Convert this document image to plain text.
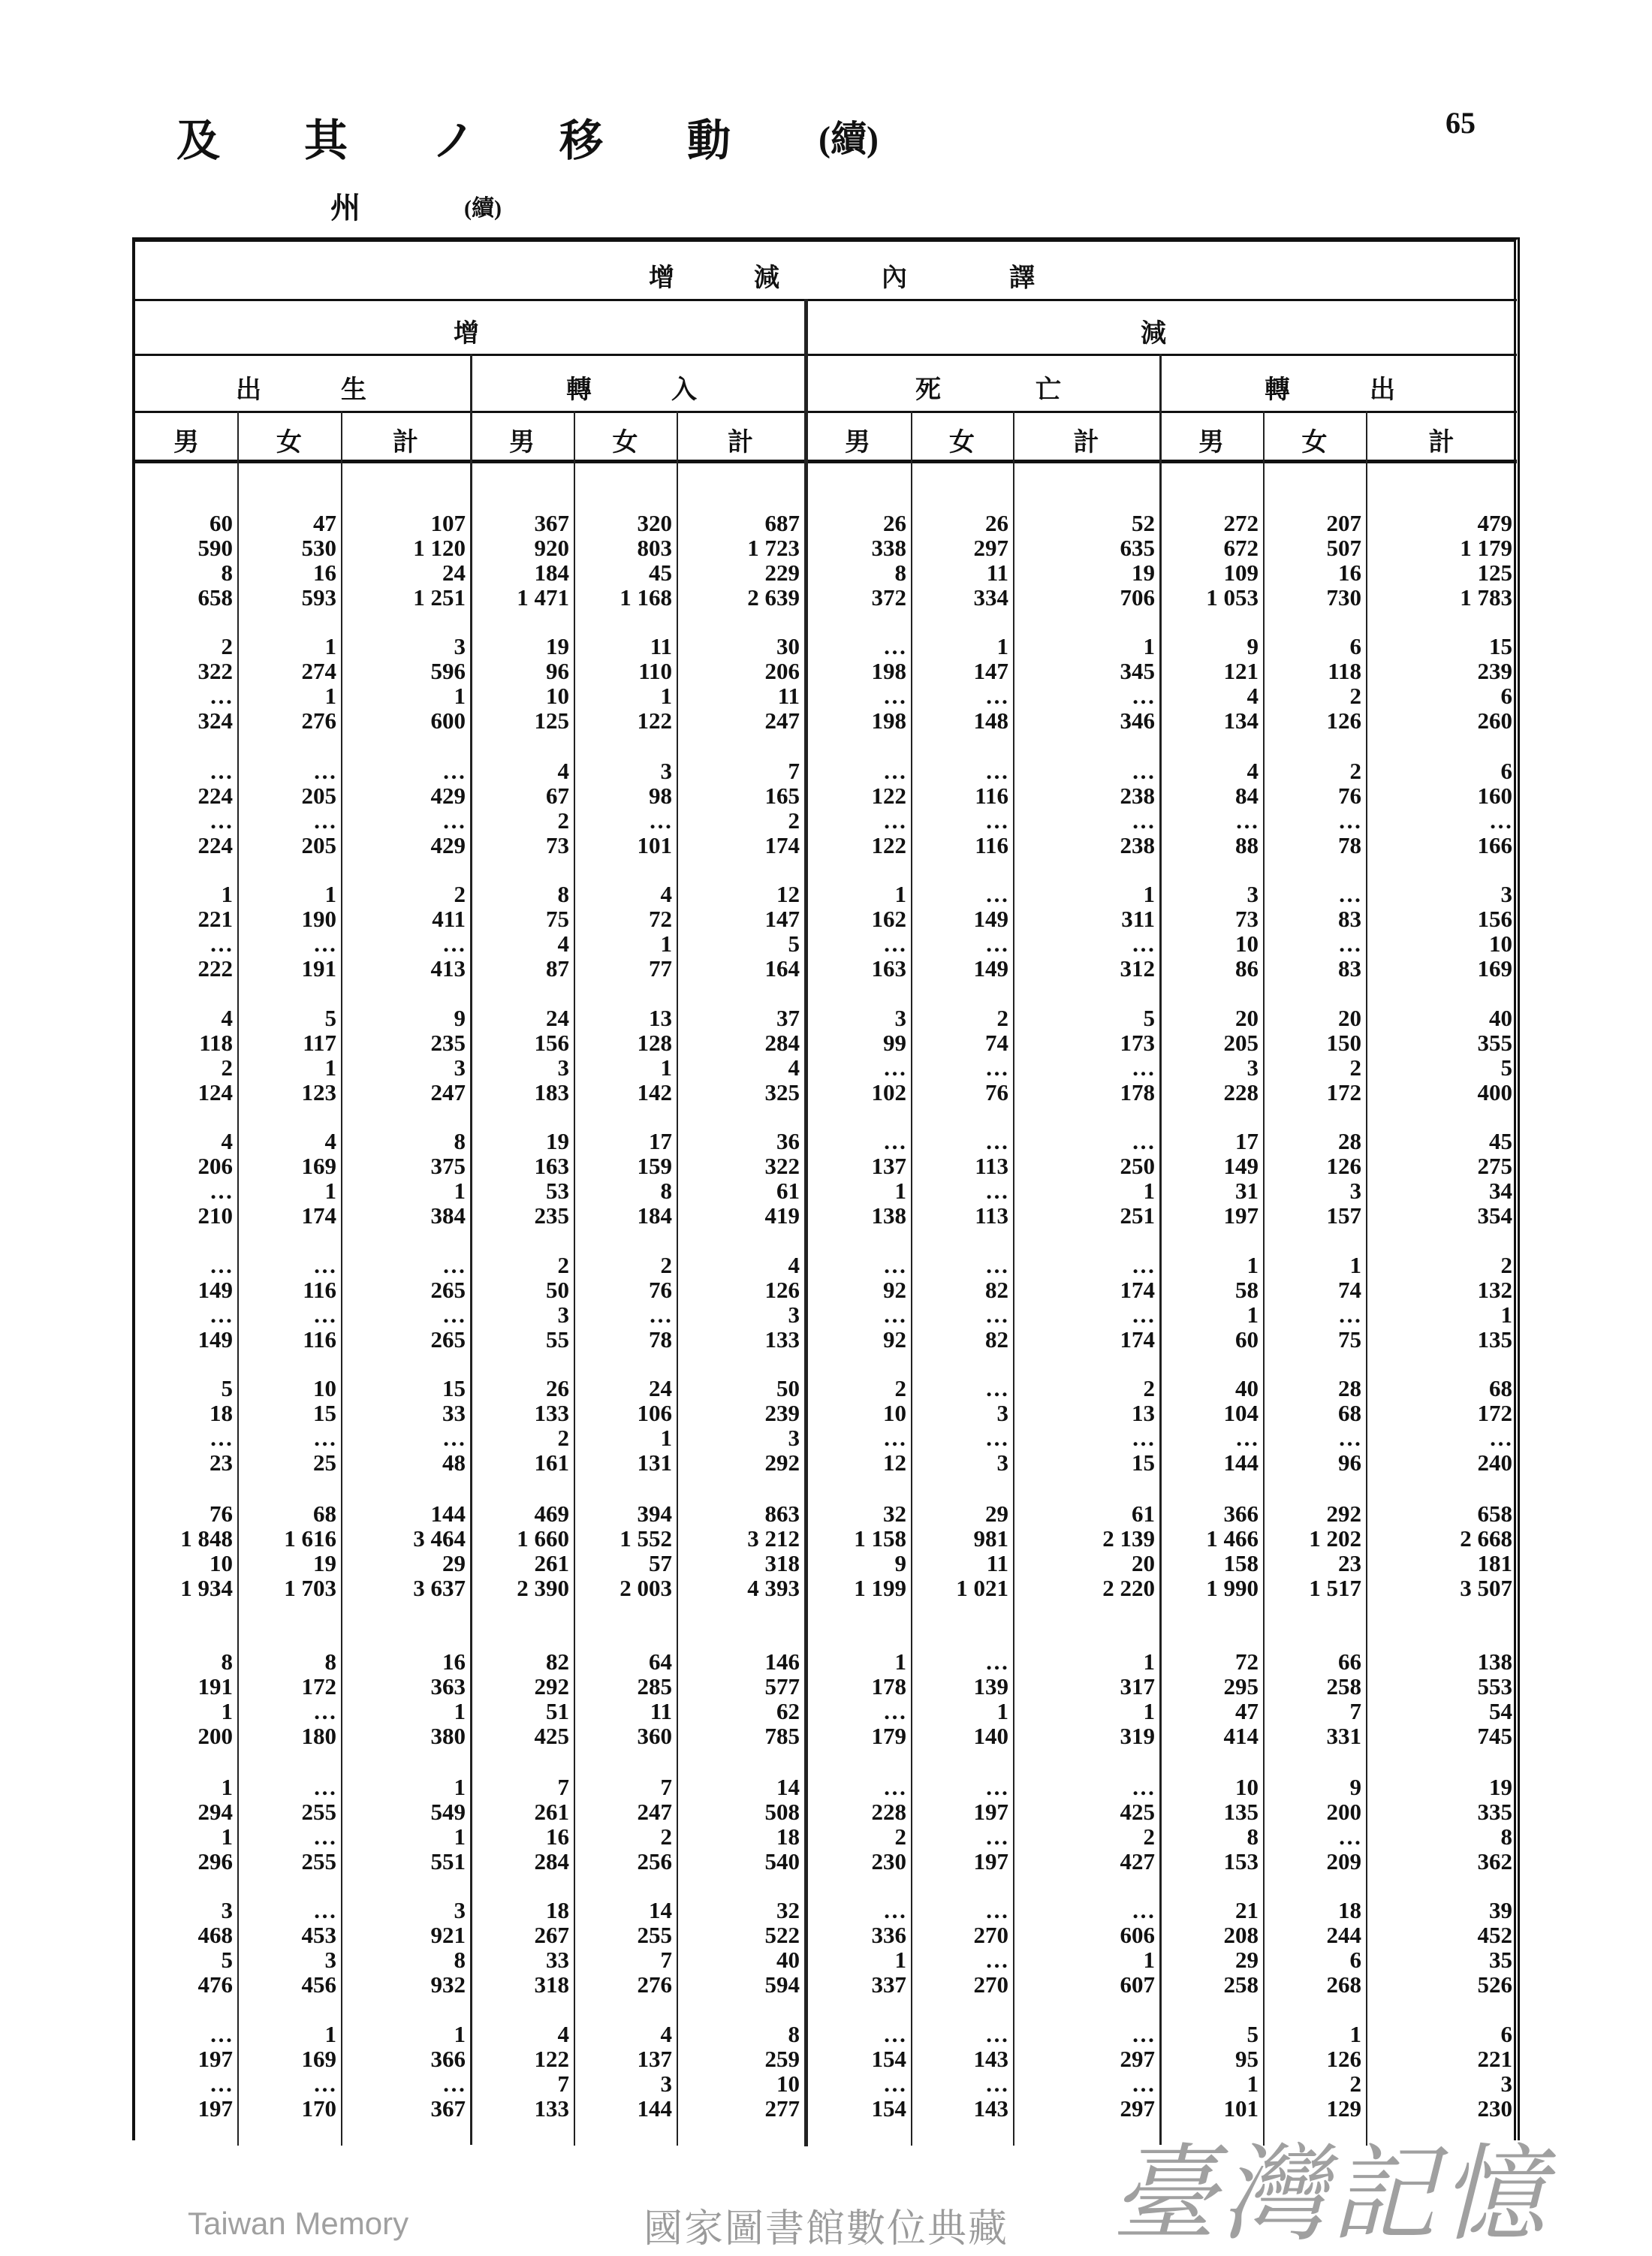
及 其 ノ 移 動 (續)	65
州	(續)
增	減	內	譯
增	減
出	生	轉	入	死	亡	轉	出
男	女	計	男	女	計	男	女	計	男	女	計
60	47	107	367	320	687	26	26	52	272	207	479
590	530	1 120	920	803	1 723	338	297	635	672	507	1 179
8	16	24	184	45	229	8	11	19	109	16	125
658	593	1 251	1 471	1 168	2 639	372	334	706	1 053	730	1 783
2	1	3	19	11	30	…	1	1	9	6	15
322	274	596	96	110	206	198	147	345	121	118	239
…	1	1	10	1	11	…	…	…	4	2	6
324	276	600	125	122	247	198	148	346	134	126	260
…	…	…	4	3	7	…	…	…	4	2	6
224	205	429	67	98	165	122	116	238	84	76	160
…	…	…	2	…	2	…	…	…	…	…	…
224	205	429	73	101	174	122	116	238	88	78	166
1	1	2	8	4	12	1	…	1	3	…	3
221	190	411	75	72	147	162	149	311	73	83	156
…	…	…	4	1	5	…	…	…	10	…	10
222	191	413	87	77	164	163	149	312	86	83	169
4	5	9	24	13	37	3	2	5	20	20	40
118	117	235	156	128	284	99	74	173	205	150	355
2	1	3	3	1	4	…	…	…	3	2	5
124	123	247	183	142	325	102	76	178	228	172	400
4	4	8	19	17	36	…	…	…	17	28	45
206	169	375	163	159	322	137	113	250	149	126	275
…	1	1	53	8	61	1	…	1	31	3	34
210	174	384	235	184	419	138	113	251	197	157	354
…	…	…	2	2	4	…	…	…	1	1	2
149	116	265	50	76	126	92	82	174	58	74	132
…	…	…	3	…	3	…	…	…	1	…	1
149	116	265	55	78	133	92	82	174	60	75	135
5	10	15	26	24	50	2	…	2	40	28	68
18	15	33	133	106	239	10	3	13	104	68	172
…	…	…	2	1	3	…	…	…	…	…	…
23	25	48	161	131	292	12	3	15	144	96	240
76	68	144	469	394	863	32	29	61	366	292	658
1 848	1 616	3 464	1 660	1 552	3 212	1 158	981	2 139	1 466	1 202	2 668
10	19	29	261	57	318	9	11	20	158	23	181
1 934	1 703	3 637	2 390	2 003	4 393	1 199	1 021	2 220	1 990	1 517	3 507
8	8	16	82	64	146	1	…	1	72	66	138
191	172	363	292	285	577	178	139	317	295	258	553
1	…	1	51	11	62	…	1	1	47	7	54
200	180	380	425	360	785	179	140	319	414	331	745
1	…	1	7	7	14	…	…	…	10	9	19
294	255	549	261	247	508	228	197	425	135	200	335
1	…	1	16	2	18	2	…	2	8	…	8
296	255	551	284	256	540	230	197	427	153	209	362
3	…	3	18	14	32	…	…	…	21	18	39
468	453	921	267	255	522	336	270	606	208	244	452
5	3	8	33	7	40	1	…	1	29	6	35
476	456	932	318	276	594	337	270	607	258	268	526
…	1	1	4	4	8	…	…	…	5	1	6
197	169	366	122	137	259	154	143	297	95	126	221
…	…	…	7	3	10	…	…	…	1	2	3
197	170	367	133	144	277	154	143	297	101	129	230
臺灣記憶
Taiwan Memory	國家圖書館數位典藏
